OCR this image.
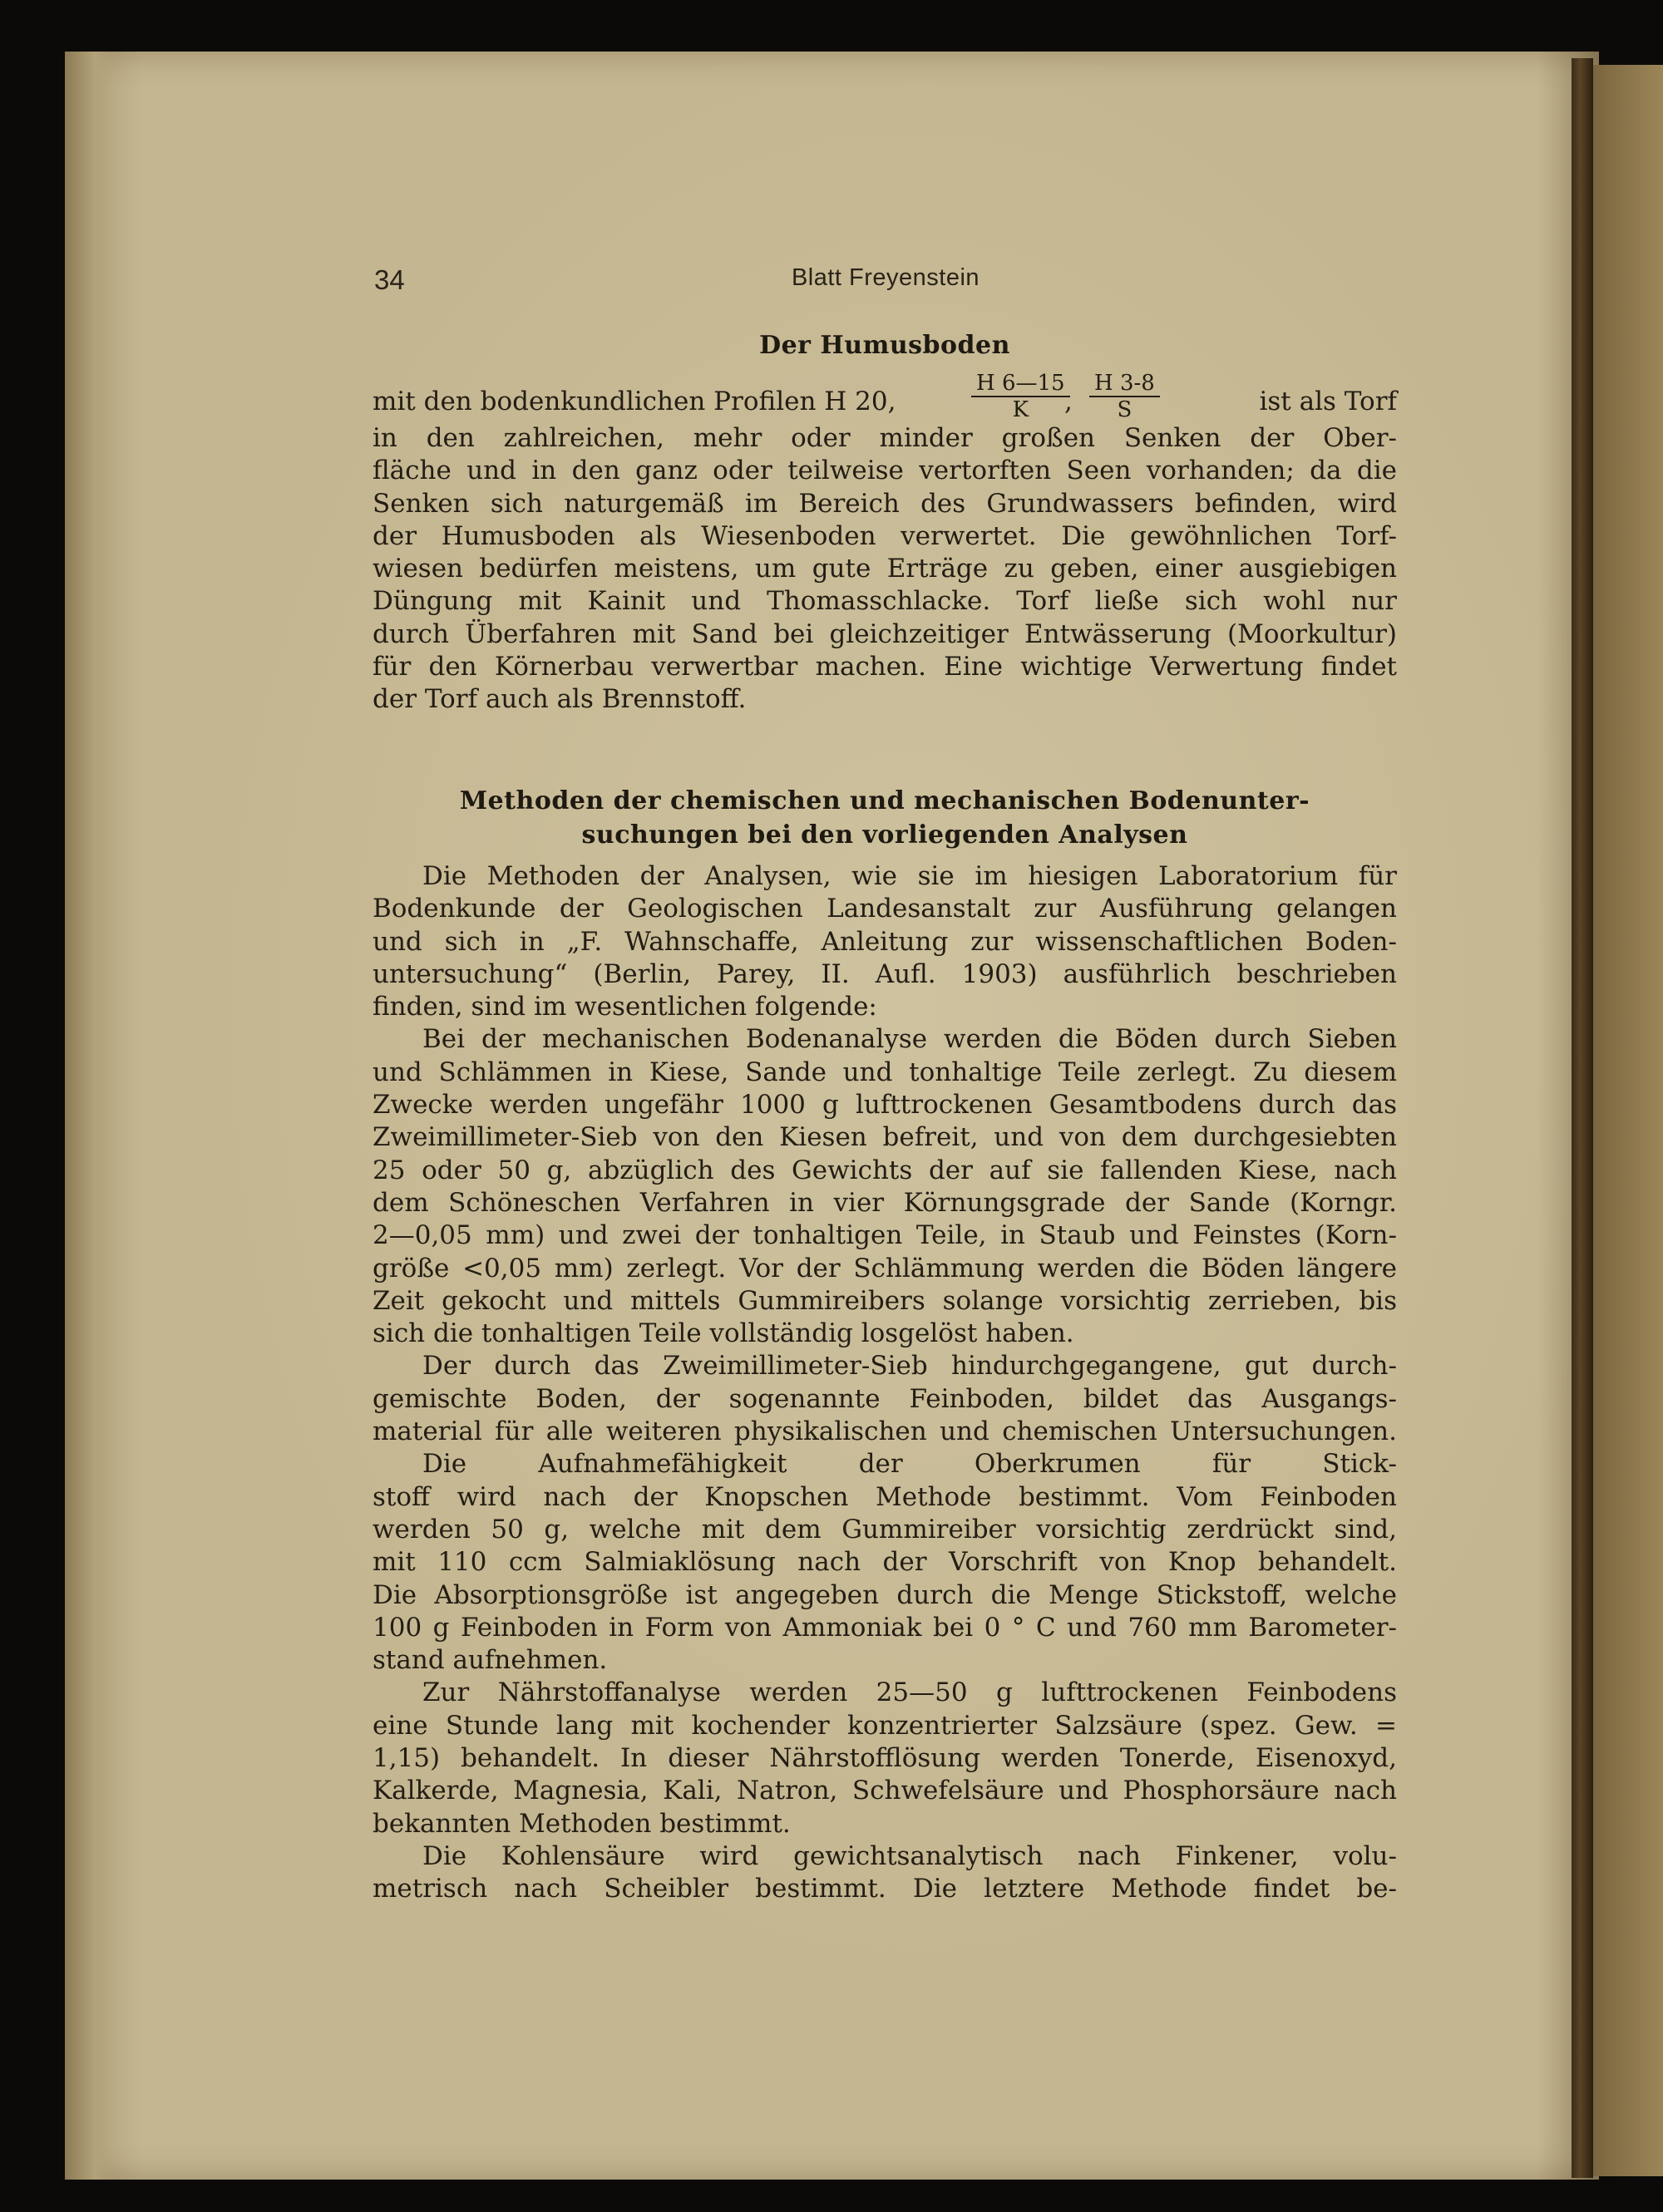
34	Blatt Freyenstein
Der Humusboden
mit den bodenkundlichen Profilen H 20,	$\frac{H 6—15}{K}$
, $\frac{H 3-8}{S}$	ist als Torf
in den zahlreichen, mehr oder minder großen Senken der Ober-
fläche und in den ganz oder teilweise vertorften Seen vorhanden; da die
Senken sich naturgemäß im Bereich des Grundwassers befinden, wird
der Humusboden als Wiesenboden verwertet. Die gewöhnlichen Torf-
wiesen bedürfen meistens, um gute Erträge zu geben, einer ausgiebigen
Düngung mit Kainit und Thomasschlacke. Torf ließe sich wohl nur
durch Überfahren mit Sand bei gleichzeitiger Entwässerung (Moorkultur)
für den Körnerbau verwertbar machen. Eine wichtige Verwertung findet
der Torf auch als Brennstoff.
Methoden der chemischen und mechanischen Bodenunter-
suchungen bei den vorliegenden Analysen
Die Methoden der Analysen, wie sie im hiesigen Laboratorium für
Bodenkunde der Geologischen Landesanstalt zur Ausführung gelangen
und sich in „F. Wahnschaffe, Anleitung zur wissenschaftlichen Boden-
untersuchung“ (Berlin, Parey, II. Aufl. 1903) ausführlich beschrieben
finden, sind im wesentlichen folgende:
Bei der mechanischen Bodenanalyse werden die Böden durch Sieben
und Schlämmen in Kiese, Sande und tonhaltige Teile zerlegt. Zu diesem
Zwecke werden ungefähr 1000 g lufttrockenen Gesamtbodens durch das
Zweimillimeter-Sieb von den Kiesen befreit, und von dem durchgesiebten
25 oder 50 g, abzüglich des Gewichts der auf sie fallenden Kiese, nach
dem Schöneschen Verfahren in vier Körnungsgrade der Sande (Korngr.
2—0,05 mm) und zwei der tonhaltigen Teile, in Staub und Feinstes (Korn-
größe <0,05 mm) zerlegt. Vor der Schlämmung werden die Böden längere
Zeit gekocht und mittels Gummireibers solange vorsichtig zerrieben, bis
sich die tonhaltigen Teile vollständig losgelöst haben.
Der durch das Zweimillimeter-Sieb hindurchgegangene, gut durch-
gemischte Boden, der sogenannte Feinboden, bildet das Ausgangs-
material für alle weiteren physikalischen und chemischen Untersuchungen.
Die Aufnahmefähigkeit der Oberkrumen für Stick-
stoff wird nach der Knopschen Methode bestimmt. Vom Feinboden
werden 50 g, welche mit dem Gummireiber vorsichtig zerdrückt sind,
mit 110 ccm Salmiaklösung nach der Vorschrift von Knop behandelt.
Die Absorptionsgröße ist angegeben durch die Menge Stickstoff, welche
100 g Feinboden in Form von Ammoniak bei 0 ° C und 760 mm Barometer-
stand aufnehmen.
Zur Nährstoffanalyse werden 25—50 g lufttrockenen Feinbodens
eine Stunde lang mit kochender konzentrierter Salzsäure (spez. Gew. =
1,15) behandelt. In dieser Nährstofflösung werden Tonerde, Eisenoxyd,
Kalkerde, Magnesia, Kali, Natron, Schwefelsäure und Phosphorsäure nach
bekannten Methoden bestimmt.
Die Kohlensäure wird gewichtsanalytisch nach Finkener, volu-
metrisch nach Scheibler bestimmt. Die letztere Methode findet be-
